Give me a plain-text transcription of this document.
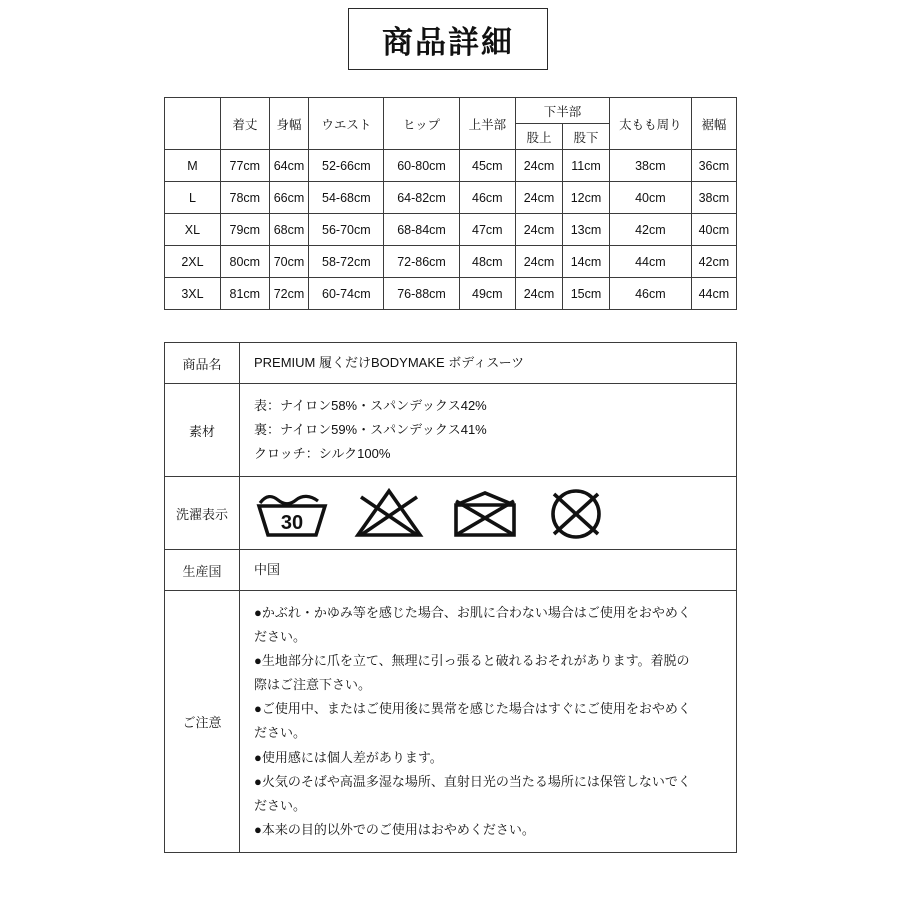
商品詳細
	着丈	身幅	ウエスト	ヒップ	上半部	下半部		太もも周り	裾幅
						股上	股下		
M	77cm	64cm	52-66cm	60-80cm	45cm	24cm	11cm	38cm	36cm
L	78cm	66cm	54-68cm	64-82cm	46cm	24cm	12cm	40cm	38cm
XL	79cm	68cm	56-70cm	68-84cm	47cm	24cm	13cm	42cm	40cm
2XL	80cm	70cm	58-72cm	72-86cm	48cm	24cm	14cm	44cm	42cm
3XL	81cm	72cm	60-74cm	76-88cm	49cm	24cm	15cm	46cm	44cm
商品名	PREMIUM 履くだけBODYMAKE ボディスーツ
素材	表：ナイロン58%・スパンデックス42%
裏：ナイロン59%・スパンデックス41%
クロッチ：シルク100%

洗濯表示	30

生産国	中国
ご注意	
●かぶれ・かゆみ等を感じた場合、お肌に合わない場合はご使用をおやめく
ださい。
●生地部分に爪を立て、無理に引っ張ると破れるおそれがあります。着脱の
際はご注意下さい。
●ご使用中、またはご使用後に異常を感じた場合はすぐにご使用をおやめく
ださい。
●使用感には個人差があります。
●火気のそばや高温多湿な場所、直射日光の当たる場所には保管しないでく
ださい。
●本来の目的以外でのご使用はおやめください。
